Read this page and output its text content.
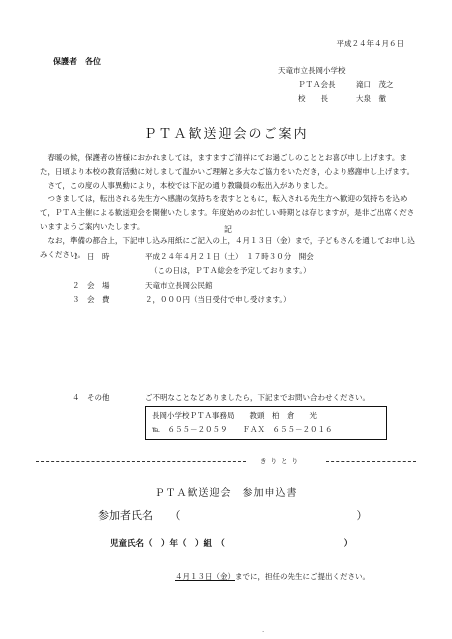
平成２４年４月６日
保護者　各位
天竜市立長岡小学校
ＰＴＡ会長	滝口　茂之
校　　長	大泉　徹
ＰＴＡ歓送迎会のご案内

　春暖の候，保護者の皆様におかれましては，ますますご清祥にてお過ごしのこととお喜び申し上げます。また，日頃より本校の教育活動に対しまして温かいご理解と多大なご協力をいただき，心より感謝申し上げます。

　さて，この度の人事異動により，本校では下記の通り教職員の転出入がありました。

　つきましては，転出される先生方へ感謝の気持ちを表すとともに，転入される先生方へ歓迎の気持ちを込めて，ＰＴＡ主催による歓送迎会を開催いたします。年度始めのお忙しい時期とは存じますが，是非ご出席くださいますようご案内いたします。

　なお，準備の都合上，下記申し込み用紙にご記入の上，４月１３日（金）まで，子どもさんを通してお申し込みください。

記
１　日　時	平成２４年４月２１日（土）　１７時３０分　開会
（この日は，ＰＴＡ総会を予定しております。）
２　会　場	天竜市立長岡公民館
３　会　費	２，０００円（当日受付で申し受けます。）
４　その他	ご不明なことなどありましたら，下記までお問い合わせください。
長岡小学校ＰＴＡ事務局　　教頭　柏　倉　　光
℡　６５５－２０５９　　ＦＡＸ　６５５－２０１６
きりとり
ＰＴＡ歓送迎会　参加申込書
参加者氏名　　（　　　　　　　　　　　　　　　　）
児童氏名（　）年（　）組　（　　　　　　　　　　　　　　）
４月１３日（金）までに，担任の先生にご提出ください。
.
